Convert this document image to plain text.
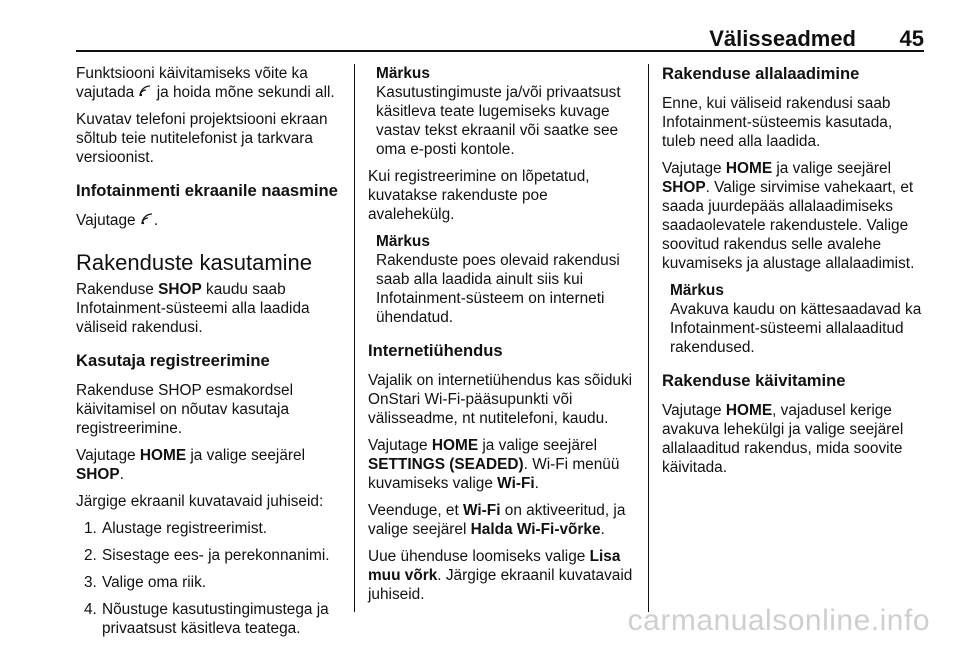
Välisseadmed 45

Funktsiooni käivitamiseks võite ka vajutada  ja hoida mõne sekundi all.

Kuvatav telefoni projektsiooni ekraan sõltub teie nutitelefonist ja tarkvara versioonist.

Infotainmenti ekraanile naasmine

Vajutage .

Rakenduste kasutamine

Rakenduse SHOP kaudu saab Infotainment-süsteemi alla laadida väliseid rakendusi.

Kasutaja registreerimine

Rakenduse SHOP esmakordsel käivitamisel on nõutav kasutaja registreerimine.

Vajutage HOME ja valige seejärel SHOP.

Järgige ekraanil kuvatavaid juhiseid:

1. Alustage registreerimist.
2. Sisestage ees- ja perekonnanimi.
3. Valige oma riik.
4. Nõustuge kasutustingimustega ja privaatsust käsitleva teatega.
Märkus
Kasutustingimuste ja/või privaatsust käsitleva teate lugemiseks kuvage vastav tekst ekraanil või saatke see oma e-posti kontole.

Kui registreerimine on lõpetatud, kuvatakse rakenduste poe avalehekülg.

Märkus
Rakenduste poes olevaid rakendusi saab alla laadida ainult siis kui Infotainment-süsteem on interneti ühendatud.
Internetiühendus

Vajalik on internetiühendus kas sõiduki OnStari Wi-Fi-pääsupunkti või välisseadme, nt nutitelefoni, kaudu.

Vajutage HOME ja valige seejärel SETTINGS (SEADED). Wi-Fi menüü kuvamiseks valige Wi-Fi.

Veenduge, et Wi-Fi on aktiveeritud, ja valige seejärel Halda Wi-Fi-võrke.

Uue ühenduse loomiseks valige Lisa muu võrk. Järgige ekraanil kuvatavaid juhiseid.

Rakenduse allalaadimine

Enne, kui väliseid rakendusi saab Infotainment-süsteemis kasutada, tuleb need alla laadida.

Vajutage HOME ja valige seejärel SHOP. Valige sirvimise vahekaart, et saada juurdepääs allalaadimiseks saadaolevatele rakendustele. Valige soovitud rakendus selle avalehe kuvamiseks ja alustage allalaadimist.

Märkus
Avakuva kaudu on kättesaadavad ka Infotainment-süsteemi allalaaditud rakendused.
Rakenduse käivitamine

Vajutage HOME, vajadusel kerige avakuva lehekülgi ja valige seejärel allalaaditud rakendus, mida soovite käivitada.

carmanualsonline.info
